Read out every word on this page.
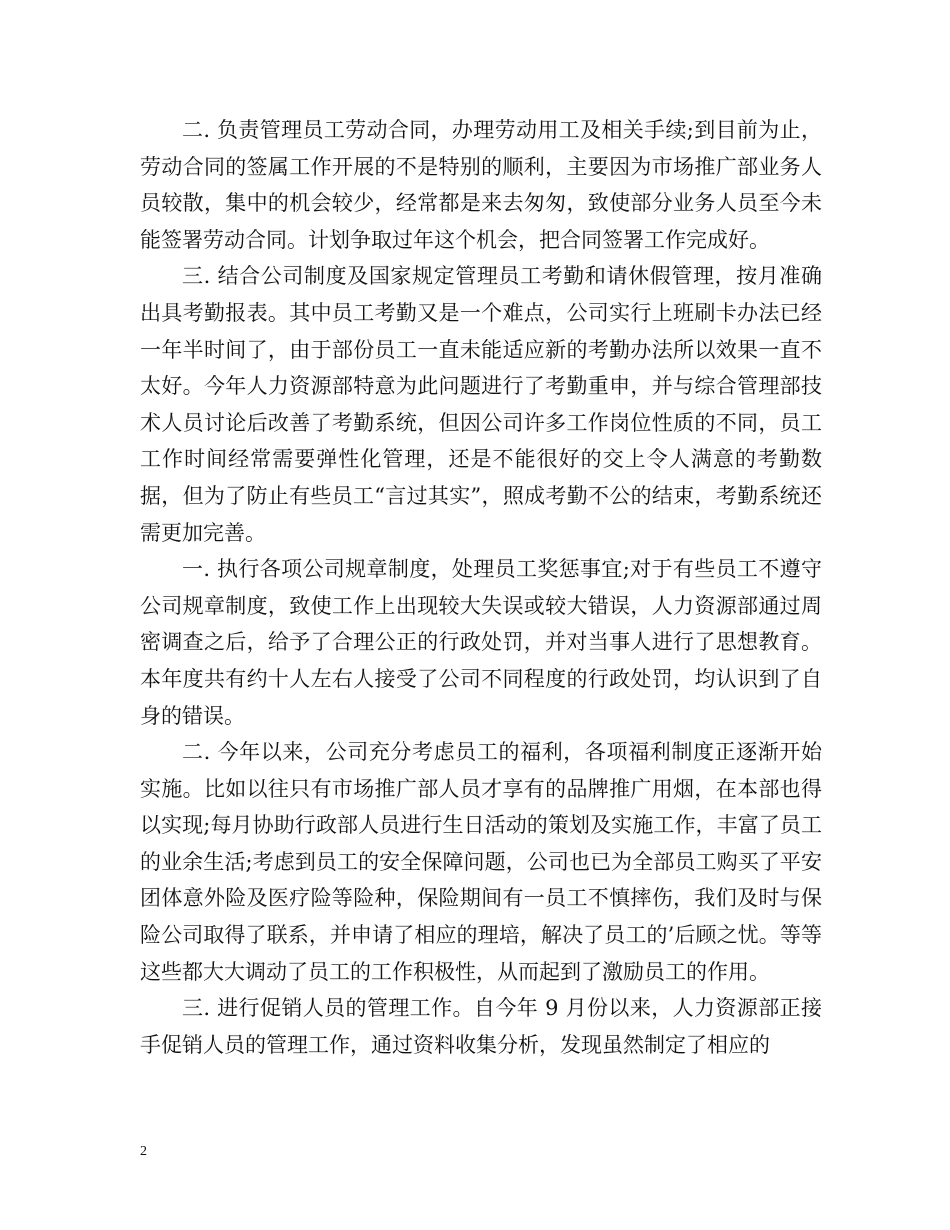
二. 负责管理员工劳动合同，办理劳动用工及相关手续;到目前为止，劳动合同的签属工作开展的不是特别的顺利，主要因为市场推广部业务人员较散，集中的机会较少，经常都是来去匆匆，致使部分业务人员至今未能签署劳动合同。计划争取过年这个机会，把合同签署工作完成好。

三. 结合公司制度及国家规定管理员工考勤和请休假管理，按月准确出具考勤报表。其中员工考勤又是一个难点，公司实行上班刷卡办法已经一年半时间了，由于部份员工一直未能适应新的考勤办法所以效果一直不太好。今年人力资源部特意为此问题进行了考勤重申，并与综合管理部技术人员讨论后改善了考勤系统，但因公司许多工作岗位性质的不同，员工工作时间经常需要弹性化管理，还是不能很好的交上令人满意的考勤数据，但为了防止有些员工“言过其实”，照成考勤不公的结束，考勤系统还需更加完善。

一. 执行各项公司规章制度，处理员工奖惩事宜;对于有些员工不遵守公司规章制度，致使工作上出现较大失误或较大错误，人力资源部通过周密调查之后，给予了合理公正的行政处罚，并对当事人进行了思想教育。本年度共有约十人左右人接受了公司不同程度的行政处罚，均认识到了自身的错误。

二. 今年以来，公司充分考虑员工的福利，各项福利制度正逐渐开始实施。比如以往只有市场推广部人员才享有的品牌推广用烟，在本部也得以实现;每月协助行政部人员进行生日活动的策划及实施工作，丰富了员工的业余生活;考虑到员工的安全保障问题，公司也已为全部员工购买了平安团体意外险及医疗险等险种，保险期间有一员工不慎摔伤，我们及时与保险公司取得了联系，并申请了相应的理培，解决了员工的’后顾之忧。等等这些都大大调动了员工的工作积极性，从而起到了激励员工的作用。

三. 进行促销人员的管理工作。自今年 9 月份以来，人力资源部正接手促销人员的管理工作，通过资料收集分析，发现虽然制定了相应的

2
